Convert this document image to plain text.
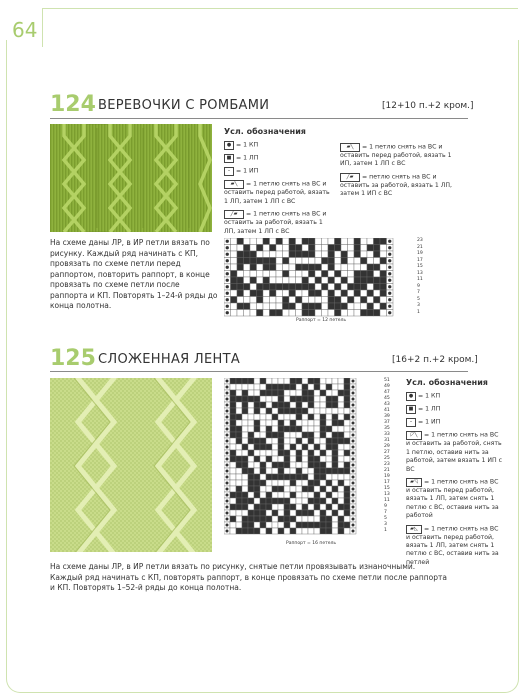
64
124 ВЕРЕВОЧКИ С РОМБАМИ	[12+10 п.+2 кром.]
Усл. обозначения
● = 1 КП
■ = 1 ЛП
– = 1 ИП
▰╲ = 1 петлю снять на ВС и оставить перед работой, вязать 1 ЛП, затем 1 ЛП с ВС
╱▰ = 1 петлю снять на ВС и оставить за работой, вязать 1 ЛП, затем 1 ЛП с ВС
▰╲ = 1 петлю снять на ВС и оставить перед работой, вязать 1 ИП, затем 1 ЛП с ВС
╱▰ = петлю снять на ВС и оставить за работой, вязать 1 ЛП, затем 1 ИП с ВС
На схеме даны ЛР, в ИР петли вязать по рисунку. Каждый ряд начинать с КП, провязать по схеме петли перед раппортом, повторить раппорт, в конце провязать по схеме петли после раппорта и КП. Повторять 1–24-й ряды до конца полотна.
23
21
19
17
15
13
11
9
7
5
3
1
Раппорт = 12 петель
125 СЛОЖЕННАЯ ЛЕНТА	[16+2 п.+2 кром.]
51
49
47
45
43
41
39
37
35
33
31
29
27
25
23
21
19
17
15
13
11
9
7
5
3
1
Раппорт = 16 петель
Усл. обозначения
● = 1 КП
■ = 1 ЛП
– = 1 ИП
◸╲ = 1 петлю снять на ВС и оставить за работой, снять 1 петлю, оставив нить за работой, затем вязать 1 ИП с ВС
▰◹ = 1 петлю снять на ВС и оставить перед работой, вязать 1 ЛП, затем снять 1 петлю с ВС, оставив нить за работой
▰◺ = 1 петлю снять на ВС и оставить перед работой, вязать 1 ЛП, затем снять 1 петлю с ВС, оставив нить за петлей
На схеме даны ЛР, в ИР петли вязать по рисунку, снятые петли провязывать изнаночными. Каждый ряд начинать с КП, повторять раппорт, в конце провязать по схеме петли после раппорта и КП. Повторять 1–52-й ряды до конца полотна.
